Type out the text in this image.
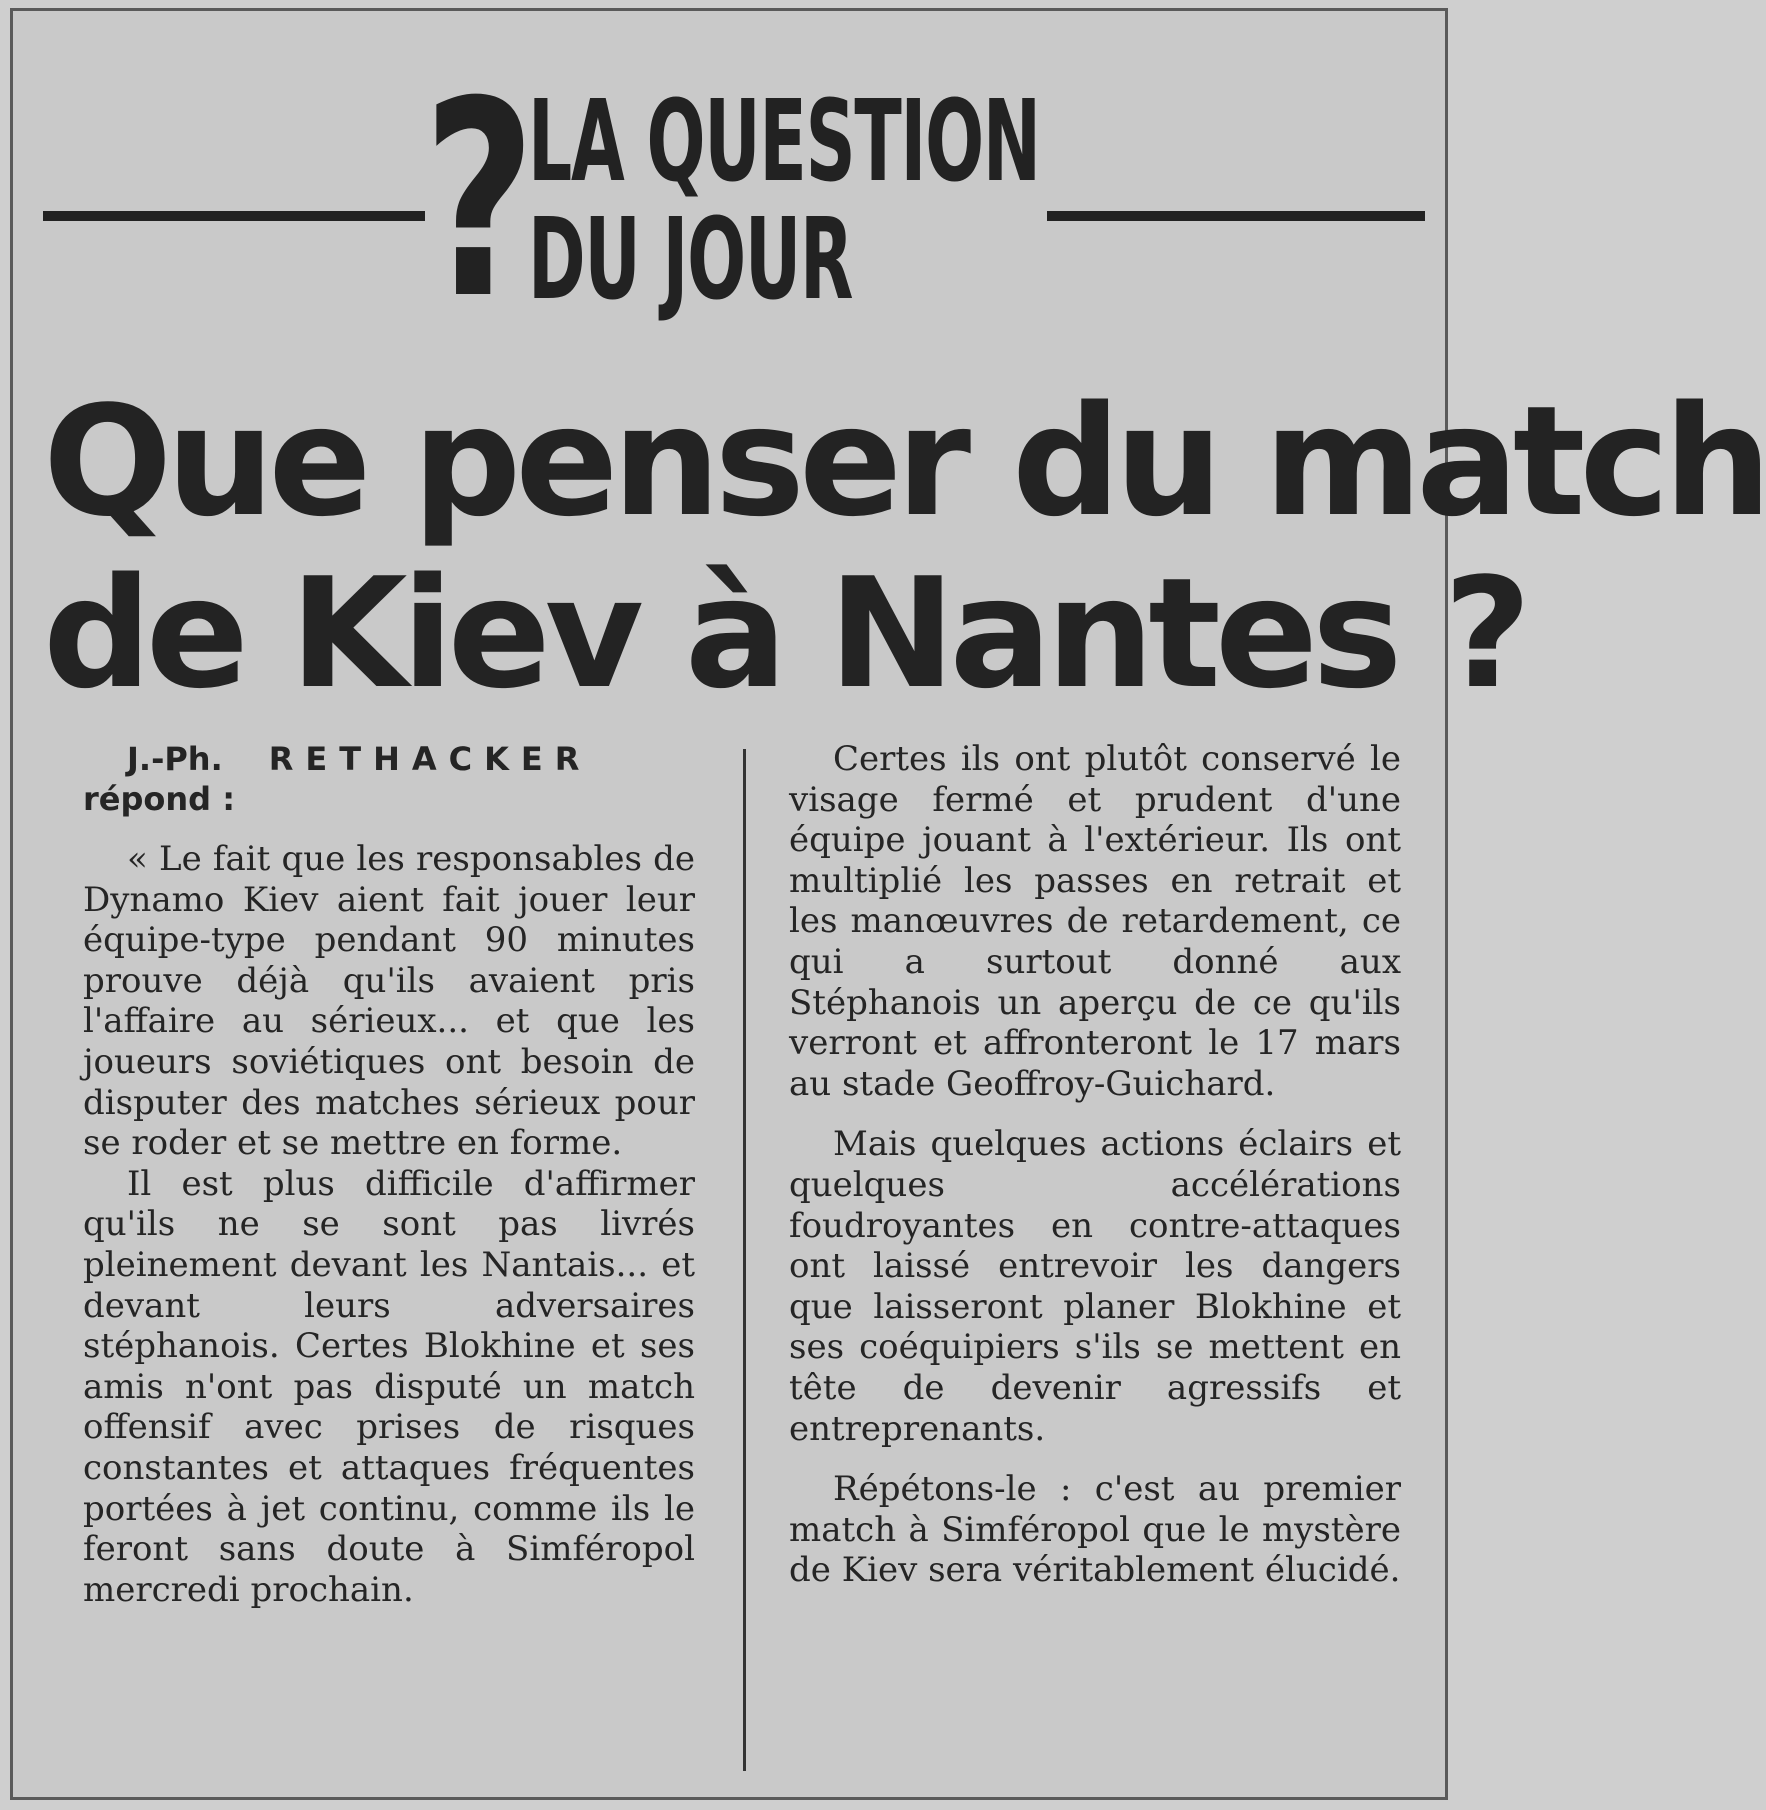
?
LA QUESTION
DU JOUR
Que penser du match
de Kiev à Nantes ?
J.-Ph. RETHACKER
répond :

« Le fait que les responsables de Dynamo Kiev aient fait jouer leur équipe-type pendant 90 minutes prouve déjà qu'ils avaient pris l'affaire au sérieux... et que les joueurs soviétiques ont besoin de disputer des matches sérieux pour se roder et se mettre en forme.

Il est plus difficile d'affirmer qu'ils ne se sont pas livrés pleinement devant les Nantais... et devant leurs adversaires stéphanois. Certes Blokhine et ses amis n'ont pas disputé un match offensif avec prises de risques constantes et attaques fréquentes portées à jet continu, comme ils le feront sans doute à Simféropol mercredi prochain.

Certes ils ont plutôt conservé le visage fermé et prudent d'une équipe jouant à l'extérieur. Ils ont multiplié les passes en retrait et les manœuvres de retardement, ce qui a surtout donné aux Stéphanois un aperçu de ce qu'ils verront et affronteront le 17 mars au stade Geoffroy-Guichard.

Mais quelques actions éclairs et quelques accélérations foudroyantes en contre-attaques ont laissé entrevoir les dangers que laisseront planer Blokhine et ses coéquipiers s'ils se mettent en tête de devenir agressifs et entreprenants.

Répétons-le : c'est au premier match à Simféropol que le mystère de Kiev sera véritablement élucidé.
